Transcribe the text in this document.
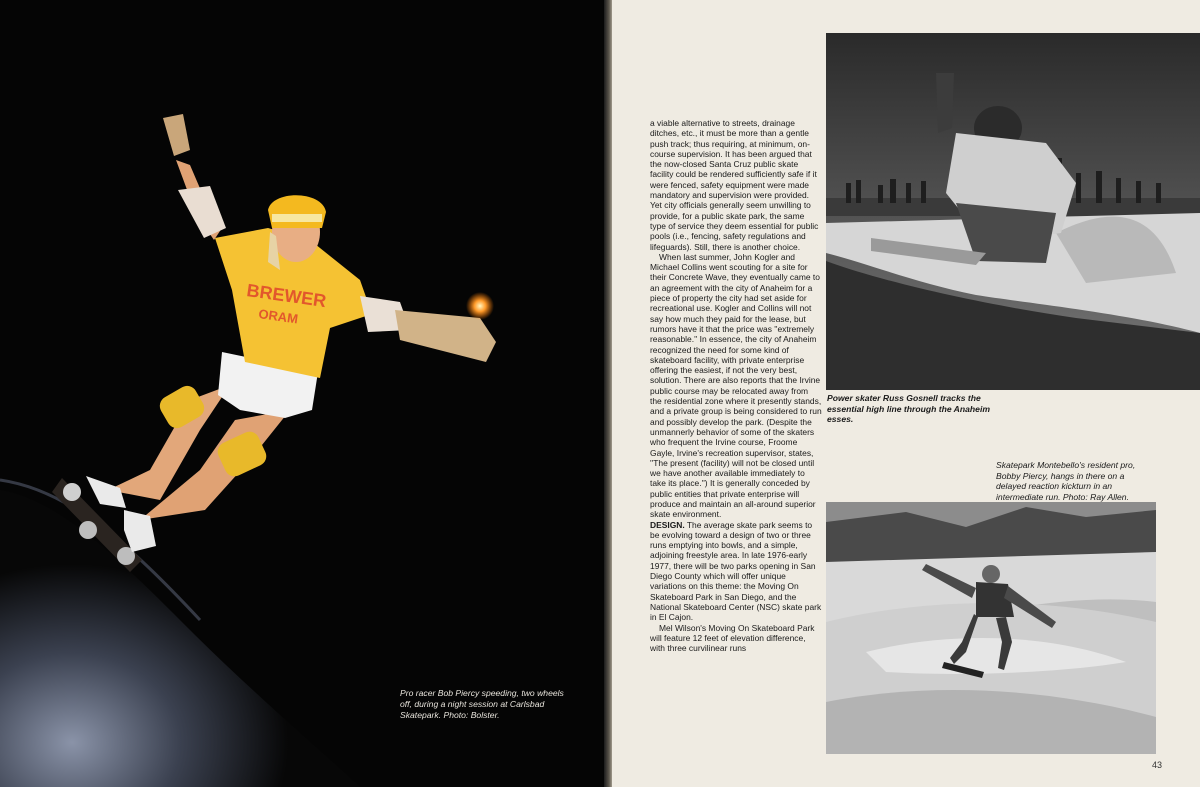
BREWER
ORAM
Pro racer Bob Piercy speeding, two wheels off, during a night session at Carlsbad Skatepark. Photo: Bolster.

a viable alternative to streets, drainage ditches, etc., it must be more than a gentle push track; thus requiring, at minimum, on-course supervision. It has been argued that the now-closed Santa Cruz public skate facility could be rendered sufficiently safe if it were fenced, safety equipment were made mandatory and supervision were provided. Yet city officials generally seem unwilling to provide, for a public skate park, the same type of service they deem essential for public pools (i.e., fencing, safety regulations and lifeguards). Still, there is another choice.

When last summer, John Kogler and Michael Collins went scouting for a site for their Concrete Wave, they eventually came to an agreement with the city of Anaheim for a piece of property the city had set aside for recreational use. Kogler and Collins will not say how much they paid for the lease, but rumors have it that the price was ''extremely reasonable.'' In essence, the city of Anaheim recognized the need for some kind of skateboard facility, with private enterprise offering the easiest, if not the very best, solution. There are also reports that the Irvine public course may be relocated away from the residential zone where it presently stands, and a private group is being considered to run and possibly develop the park. (Despite the unmannerly behavior of some of the skaters who frequent the Irvine course, Froome Gayle, Irvine's recreation supervisor, states, ''The present (facility) will not be closed until we have another available immediately to take its place.'') It is generally conceded by public entities that private enterprise will produce and maintain an all-around superior skate environment.

DESIGN. The average skate park seems to be evolving toward a design of two or three runs emptying into bowls, and a simple, adjoining freestyle area. In late 1976-early 1977, there will be two parks opening in San Diego County which will offer unique variations on this theme: the Moving On Skateboard Park in San Diego, and the National Skateboard Center (NSC) skate park in El Cajon.

Mel Wilson's Moving On Skateboard Park will feature 12 feet of elevation difference, with three curvilinear runs

Power skater Russ Gosnell tracks the essential high line through the Anaheim esses.
Skatepark Montebello's resident pro, Bobby Piercy, hangs in there on a delayed reaction kickturn in an intermediate run. Photo: Ray Allen.
43
